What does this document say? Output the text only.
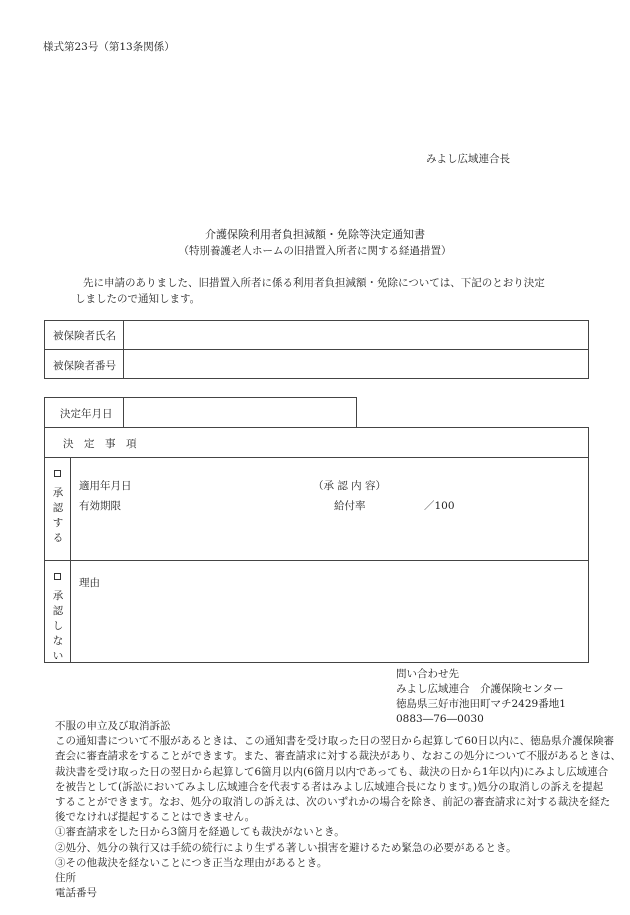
様式第23号（第13条関係）
みよし広域連合長
介護保険利用者負担減額・免除等決定通知書
（特別養護老人ホームの旧措置入所者に関する経過措置）
先に申請のありました、旧措置入所者に係る利用者負担減額・免除については、下記のとおり決定
しましたので通知します。
被保険者氏名
被保険者番号
決定年月日
決　定　事　項
承認する
適用年月日
有効期限
（承 認 内 容）
給付率	／100
承認しない
理由
問い合わせ先
みよし広域連合　介護保険センター
徳島県三好市池田町マチ2429番地1
0883―76―0030
不服の申立及び取消訴訟
この通知書について不服があるときは、この通知書を受け取った日の翌日から起算して60日以内に、徳島県介護保険審
査会に審査請求をすることができます。また、審査請求に対する裁決があり、なおこの処分について不服があるときは、
裁決書を受け取った日の翌日から起算して6箇月以内(6箇月以内であっても、裁決の日から1年以内)にみよし広域連合
を被告として(訴訟においてみよし広域連合を代表する者はみよし広域連合長になります。)処分の取消しの訴えを提起
することができます。なお、処分の取消しの訴えは、次のいずれかの場合を除き、前記の審査請求に対する裁決を経た
後でなければ提起することはできません。
①審査請求をした日から3箇月を経過しても裁決がないとき。
②処分、処分の執行又は手続の続行により生ずる著しい損害を避けるため緊急の必要があるとき。
③その他裁決を経ないことにつき正当な理由があるとき。
住所
電話番号
